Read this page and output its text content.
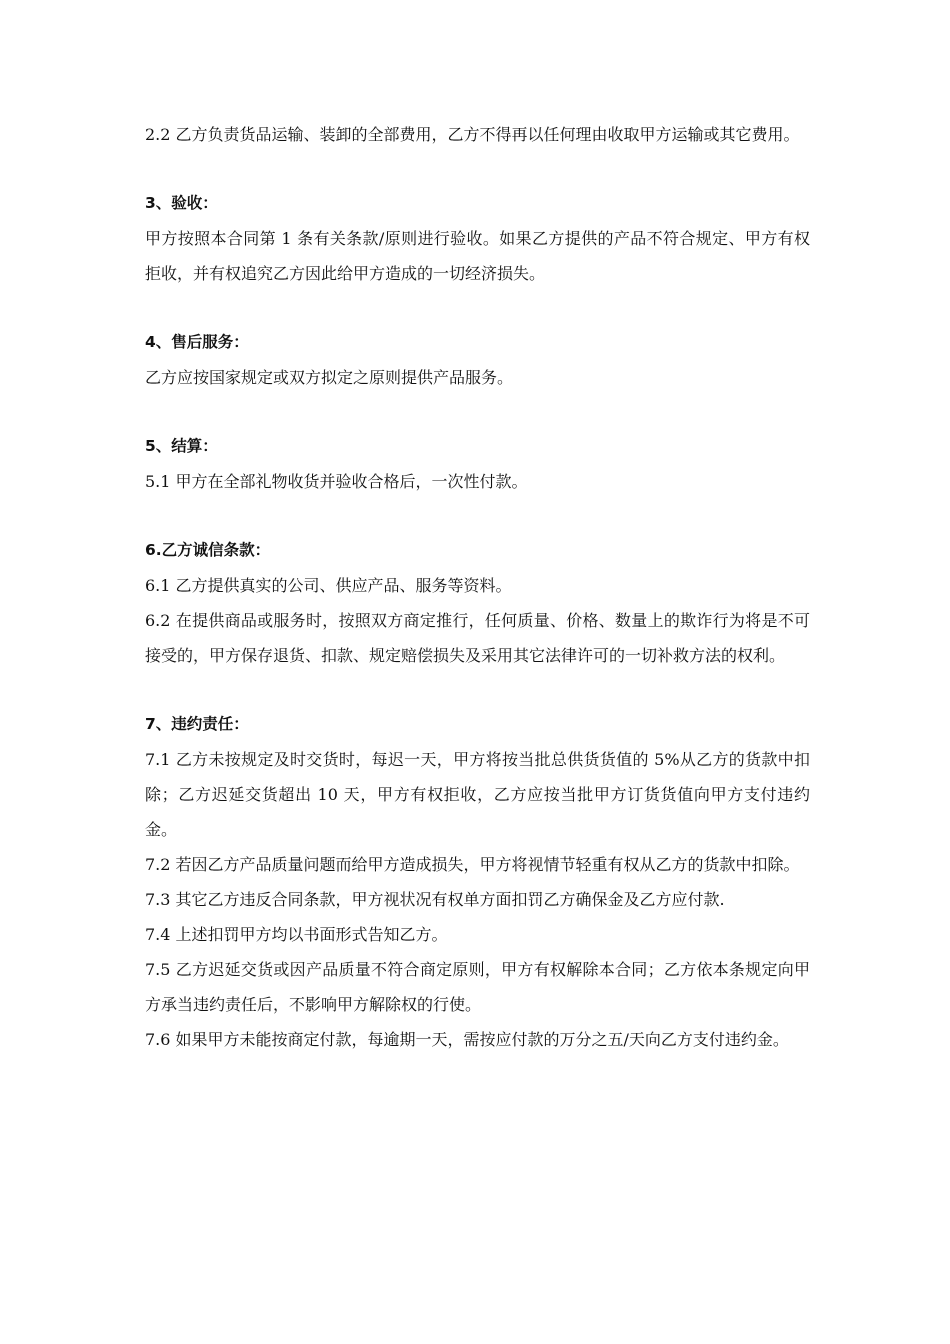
2.2 乙方负责货品运输、装卸的全部费用，乙方不得再以任何理由收取甲方运输或其它费用。

3、验收：

甲方按照本合同第 1 条有关条款/原则进行验收。如果乙方提供的产品不符合规定、甲方有权拒收，并有权追究乙方因此给甲方造成的一切经济损失。

4、售后服务：

乙方应按国家规定或双方拟定之原则提供产品服务。

5、结算：

5.1 甲方在全部礼物收货并验收合格后，一次性付款。

6.乙方诚信条款：

6.1 乙方提供真实的公司、供应产品、服务等资料。

6.2 在提供商品或服务时，按照双方商定推行，任何质量、价格、数量上的欺诈行为将是不可接受的，甲方保存退货、扣款、规定赔偿损失及采用其它法律许可的一切补救方法的权利。

7、违约责任：

7.1 乙方未按规定及时交货时，每迟一天，甲方将按当批总供货货值的 5%从乙方的货款中扣除；乙方迟延交货超出 10 天，甲方有权拒收，乙方应按当批甲方订货货值向甲方支付违约金。

7.2 若因乙方产品质量问题而给甲方造成损失，甲方将视情节轻重有权从乙方的货款中扣除。

7.3 其它乙方违反合同条款，甲方视状况有权单方面扣罚乙方确保金及乙方应付款.

7.4 上述扣罚甲方均以书面形式告知乙方。

7.5 乙方迟延交货或因产品质量不符合商定原则，甲方有权解除本合同；乙方依本条规定向甲方承当违约责任后，不影响甲方解除权的行使。

7.6 如果甲方未能按商定付款，每逾期一天，需按应付款的万分之五/天向乙方支付违约金。
